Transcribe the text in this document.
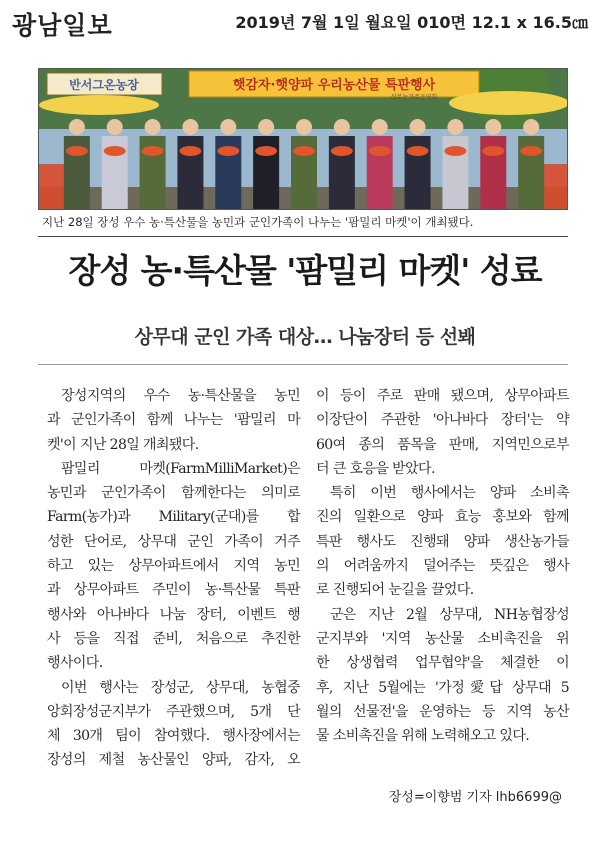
광남일보	2019년 7월 1일 월요일 010면 12.1 x 16.5㎝
반서그온농장	햇감자·햇양파 우리농산물 특판행사
상무농가주공영회
지난 28일 장성 우수 농·특산물을 농민과 군인가족이 나누는 '팜밀리 마켓'이 개최됐다.
장성 농·특산물 '팜밀리 마켓' 성료
상무대 군인 가족 대상… 나눔장터 등 선봬
장성지역의 우수 농·특산물을 농민
과 군인가족이 함께 나누는 '팜밀리 마
켓'이 지난 28일 개최됐다.
팜밀리 마켓(FarmMilliMarket)은
농민과 군인가족이 함께한다는 의미로
Farm(농가)과 Military(군대)를 합
성한 단어로, 상무대 군인 가족이 거주
하고 있는 상무아파트에서 지역 농민
과 상무아파트 주민이 농·특산물 특판
행사와 아나바다 나눔 장터, 이벤트 행
사 등을 직접 준비, 처음으로 추진한
행사이다.
이번 행사는 장성군, 상무대, 농협중
앙회장성군지부가 주관했으며, 5개 단
체 30개 팀이 참여했다. 행사장에서는
장성의 제철 농산물인 양파, 감자, 오
이 등이 주로 판매 됐으며, 상무아파트
이장단이 주관한 '아나바다 장터'는 약
60여 종의 품목을 판매, 지역민으로부
터 큰 호응을 받았다.
특히 이번 행사에서는 양파 소비촉
진의 일환으로 양파 효능 홍보와 함께
특판 행사도 진행돼 양파 생산농가들
의 어려움까지 덜어주는 뜻깊은 행사
로 진행되어 눈길을 끌었다.
군은 지난 2월 상무대, NH농협장성
군지부와 '지역 농산물 소비촉진을 위
한 상생협력 업무협약'을 체결한 이
후, 지난 5월에는 '가정愛답 상무대 5
월의 선물전'을 운영하는 등 지역 농산
물 소비촉진을 위해 노력해오고 있다.
장성=이향범 기자 lhb6699@
